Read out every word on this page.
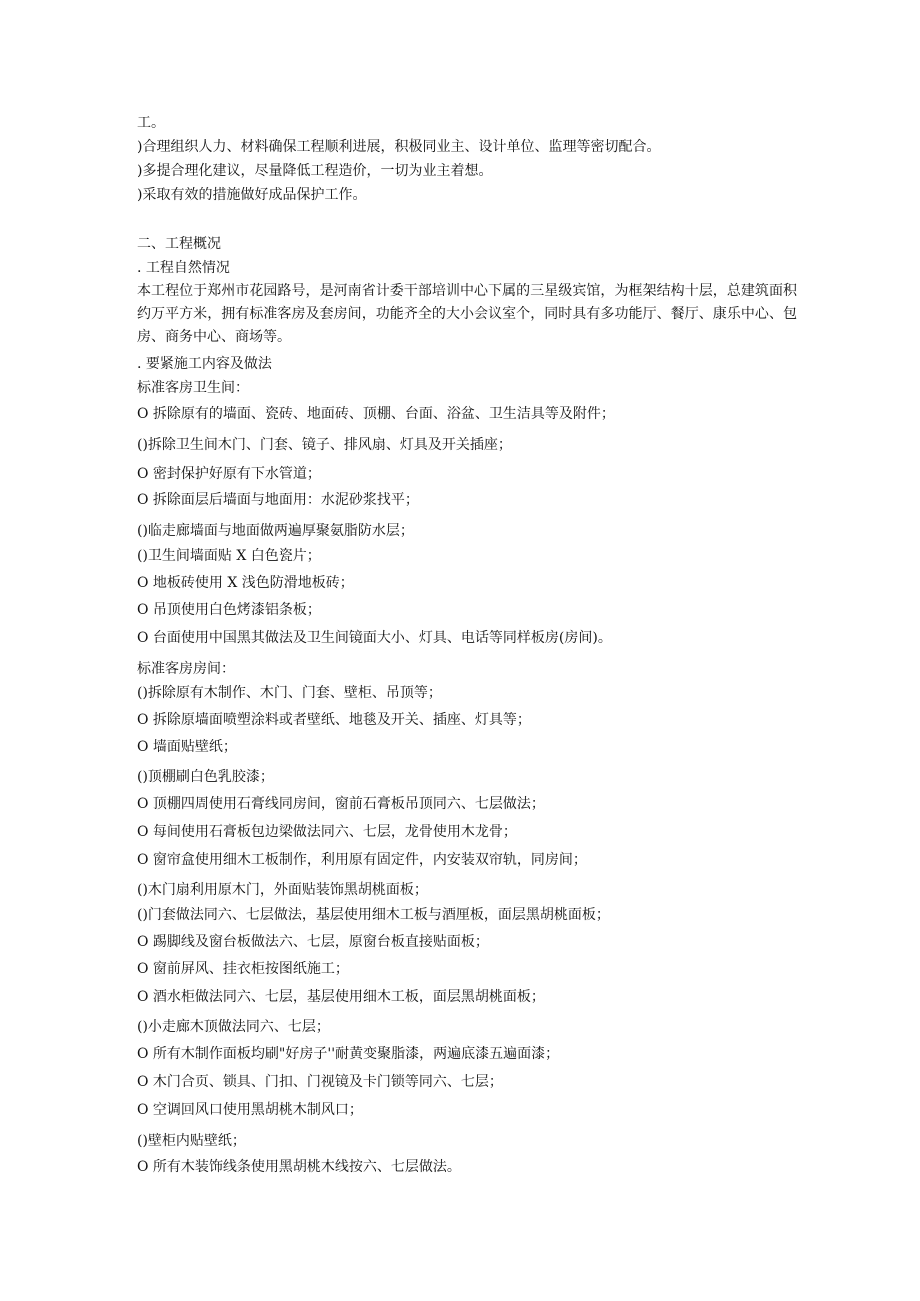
工。
)合理组织人力、材料确保工程顺利进展，积极同业主、设计单位、监理等密切配合。
)多提合理化建议，尽量降低工程造价，一切为业主着想。
)采取有效的措施做好成品保护工作。
二、工程概况
. 工程自然情况
本工程位于郑州市花园路号，是河南省计委干部培训中心下属的三星级宾馆，为框架结构十层，总建筑面积约万平方米，拥有标准客房及套房间，功能齐全的大小会议室个，同时具有多功能厅、餐厅、康乐中心、包房、商务中心、商场等。
. 要紧施工内容及做法
标准客房卫生间：
O 拆除原有的墙面、瓷砖、地面砖、顶棚、台面、浴盆、卫生洁具等及附件；
()拆除卫生间木门、门套、镜子、排风扇、灯具及开关插座；
O 密封保护好原有下水管道；
O 拆除面层后墙面与地面用：水泥砂浆找平；
()临走廊墙面与地面做两遍厚聚氨脂防水层；
()卫生间墙面贴 X 白色瓷片；
O 地板砖使用 X 浅色防滑地板砖；
O 吊顶使用白色烤漆铝条板；
O 台面使用中国黑其做法及卫生间镜面大小、灯具、电话等同样板房(房间)。
标准客房房间：
()拆除原有木制作、木门、门套、壁柜、吊顶等；
O 拆除原墙面喷塑涂料或者壁纸、地毯及开关、插座、灯具等；
O 墙面贴壁纸；
()顶棚刷白色乳胶漆；
O 顶棚四周使用石膏线同房间，窗前石膏板吊顶同六、七层做法；
O 每间使用石膏板包边梁做法同六、七层，龙骨使用木龙骨；
O 窗帘盒使用细木工板制作，利用原有固定件，内安装双帘轨，同房间；
()木门扇利用原木门，外面贴装饰黑胡桃面板；
()门套做法同六、七层做法，基层使用细木工板与酒厘板，面层黑胡桃面板；
O 踢脚线及窗台板做法六、七层，原窗台板直接贴面板；
O 窗前屏风、挂衣柜按图纸施工；
O 酒水柜做法同六、七层，基层使用细木工板，面层黑胡桃面板；
()小走廊木顶做法同六、七层；
O 所有木制作面板均刷"好房子''耐黄变聚脂漆，两遍底漆五遍面漆；
O 木门合页、锁具、门扣、门视镜及卡门锁等同六、七层；
O 空调回风口使用黑胡桃木制风口；
()壁柜内贴壁纸；
O 所有木装饰线条使用黑胡桃木线按六、七层做法。
